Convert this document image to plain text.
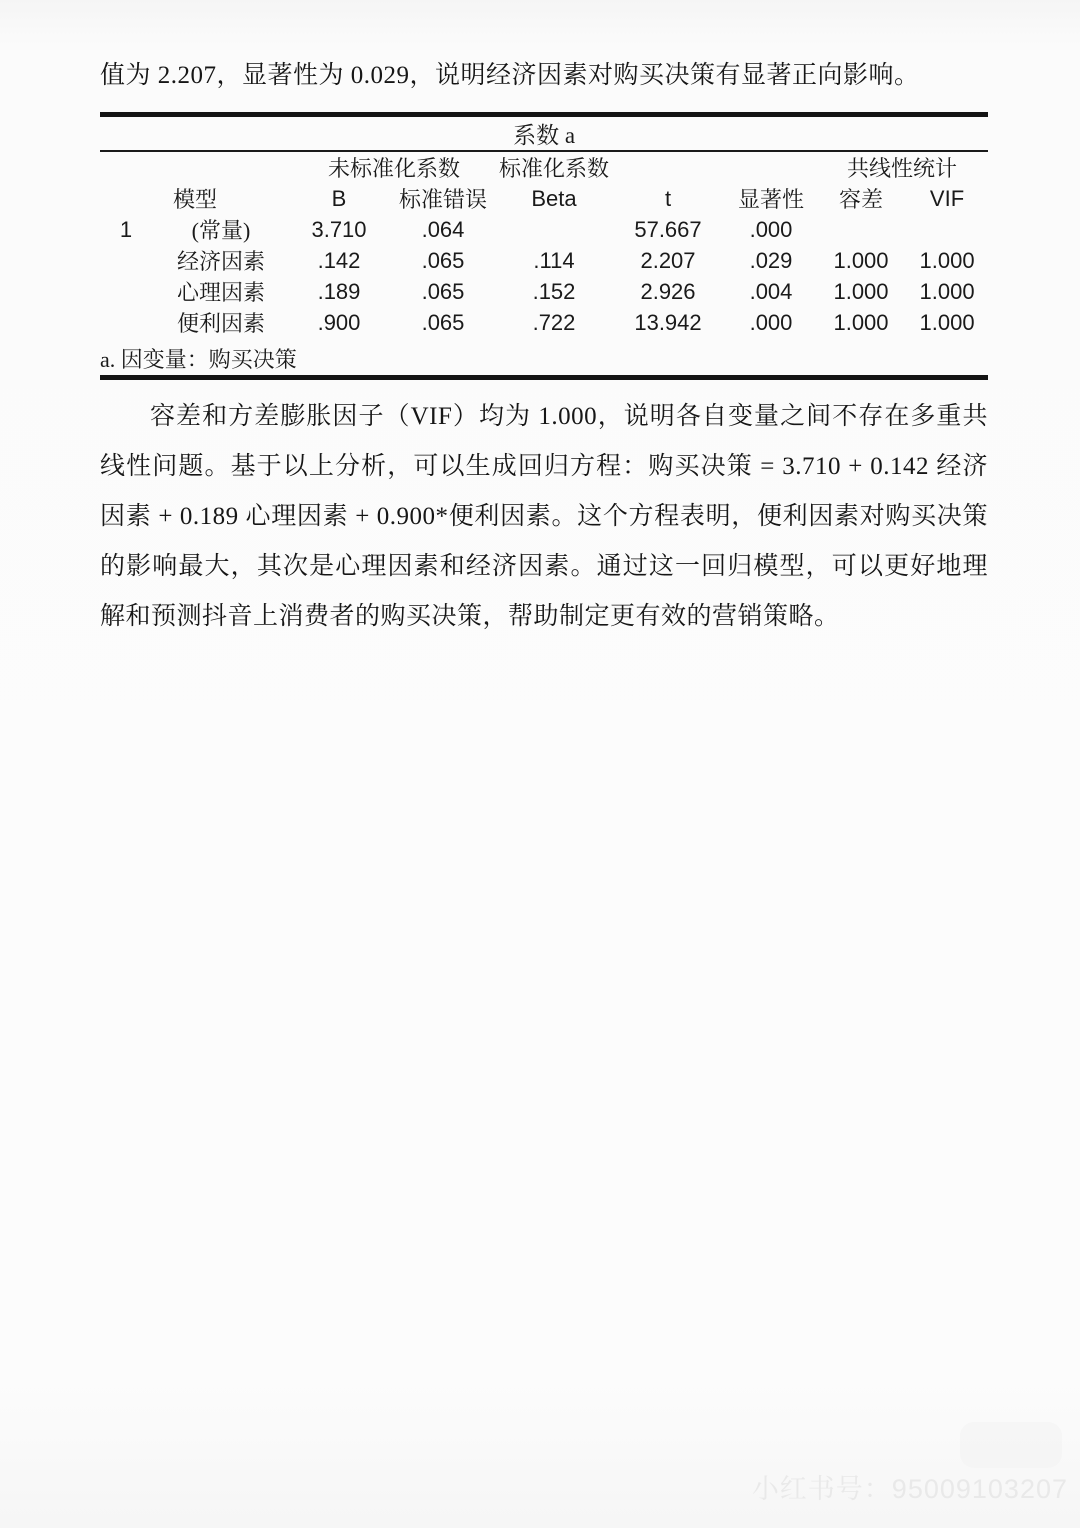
值为 2.207，显著性为 0.029，说明经济因素对购买决策有显著正向影响。
系数 a								
		未标准化系数		标准化系数			共线性统计	
模型		B	标准错误	Beta	t	显著性	容差	VIF
1	(常量)	3.710	.064		57.667	.000		
	经济因素	.142	.065	.114	2.207	.029	1.000	1.000
	心理因素	.189	.065	.152	2.926	.004	1.000	1.000
	便利因素	.900	.065	.722	13.942	.000	1.000	1.000
a. 因变量：购买决策								
容差和方差膨胀因子（VIF）均为 1.000，说明各自变量之间不存在多重共线性问题。基于以上分析，可以生成回归方程：购买决策 = 3.710 + 0.142 经济因素 + 0.189 心理因素 + 0.900*便利因素。这个方程表明，便利因素对购买决策的影响最大，其次是心理因素和经济因素。通过这一回归模型，可以更好地理解和预测抖音上消费者的购买决策，帮助制定更有效的营销策略。
小红书号：95009103207
